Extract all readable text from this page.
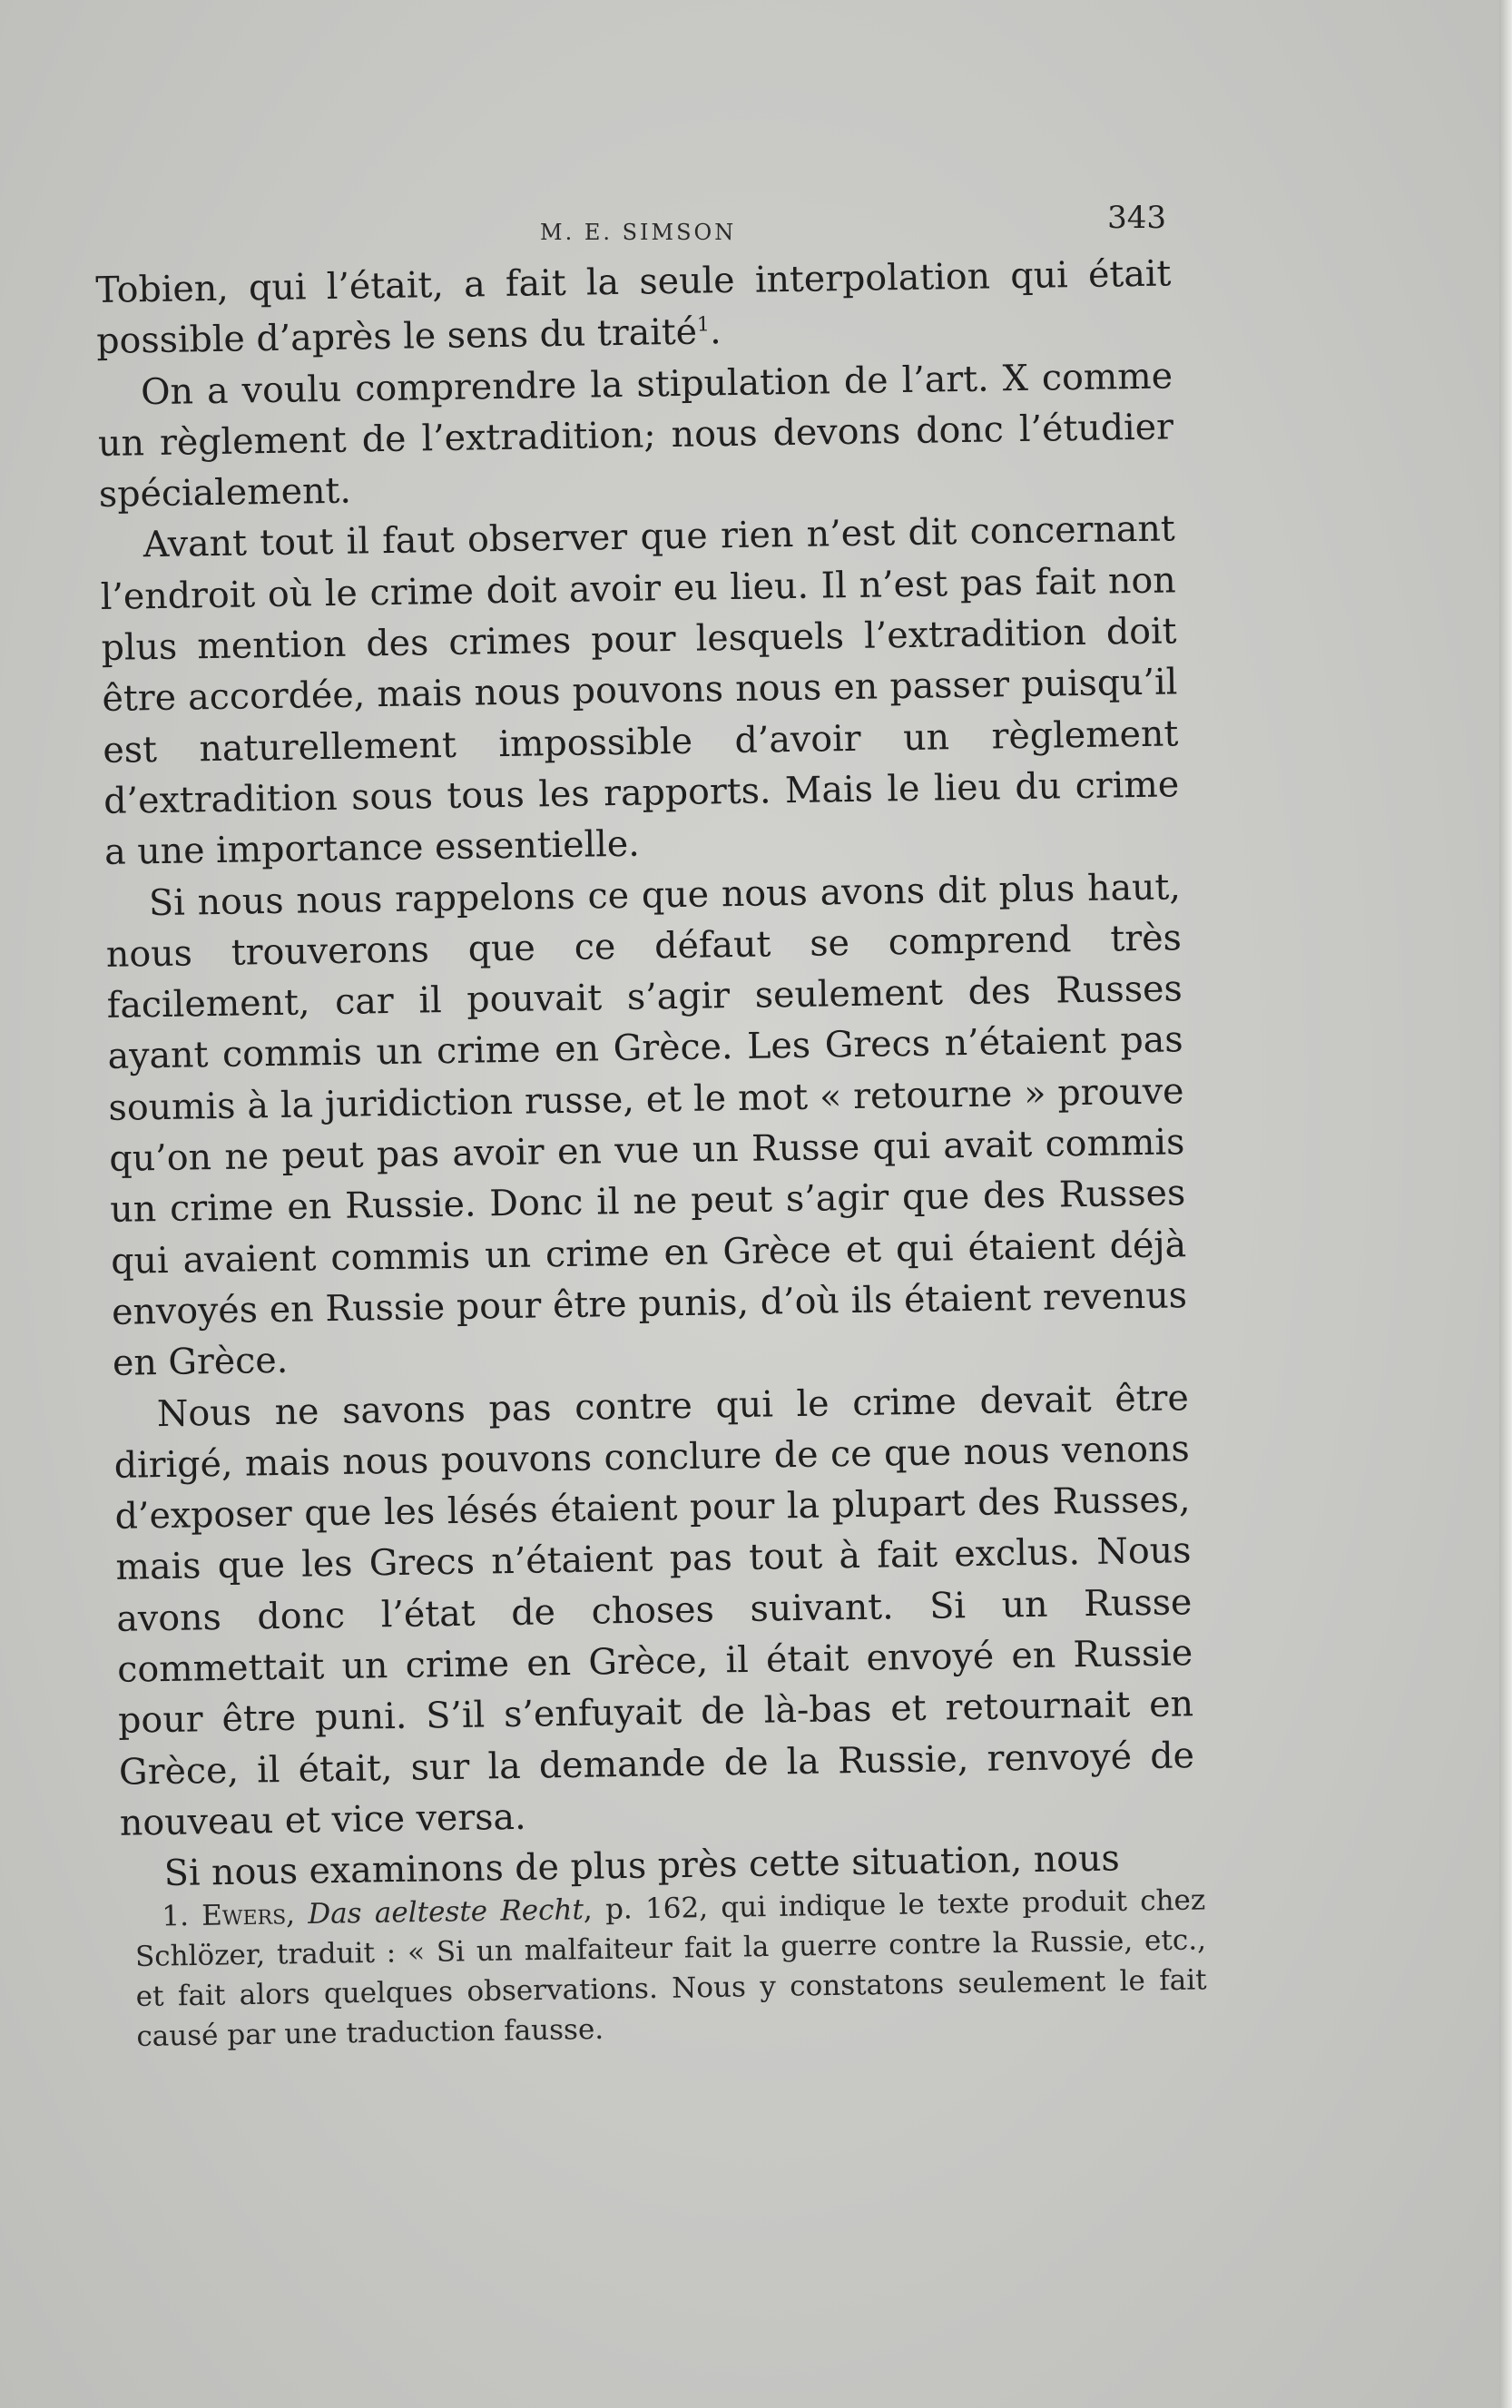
M. E. SIMSON	343

Tobien, qui l’était, a fait la seule interpolation qui était possible d’après le sens du traité$^1$.

On a voulu comprendre la stipulation de l’art. X comme un règlement de l’extradition; nous devons donc l’étudier spécialement.

Avant tout il faut observer que rien n’est dit concernant l’endroit où le crime doit avoir eu lieu. Il n’est pas fait non plus mention des crimes pour lesquels l’extradition doit être accordée, mais nous pouvons nous en passer puisqu’il est naturellement impossible d’avoir un règlement d’extradition sous tous les rapports. Mais le lieu du crime a une importance essentielle.

Si nous nous rappelons ce que nous avons dit plus haut, nous trouverons que ce défaut se comprend très facilement, car il pouvait s’agir seulement des Russes ayant commis un crime en Grèce. Les Grecs n’étaient pas soumis à la juridiction russe, et le mot « retourne » prouve qu’on ne peut pas avoir en vue un Russe qui avait commis un crime en Russie. Donc il ne peut s’agir que des Russes qui avaient commis un crime en Grèce et qui étaient déjà envoyés en Russie pour être punis, d’où ils étaient revenus en Grèce.

Nous ne savons pas contre qui le crime devait être dirigé, mais nous pouvons conclure de ce que nous venons d’exposer que les lésés étaient pour la plupart des Russes, mais que les Grecs n’étaient pas tout à fait exclus. Nous avons donc l’état de choses suivant. Si un Russe commettait un crime en Grèce, il était envoyé en Russie pour être puni. S’il s’enfuyait de là-bas et retournait en Grèce, il était, sur la demande de la Russie, renvoyé de nouveau et vice versa.

Si nous examinons de plus près cette situation, nous

1. Ewers, Das aelteste Recht, p. 162, qui indique le texte produit chez Schlözer, traduit : « Si un malfaiteur fait la guerre contre la Russie, etc., et fait alors quelques observations. Nous y constatons seulement le fait causé par une traduction fausse.
